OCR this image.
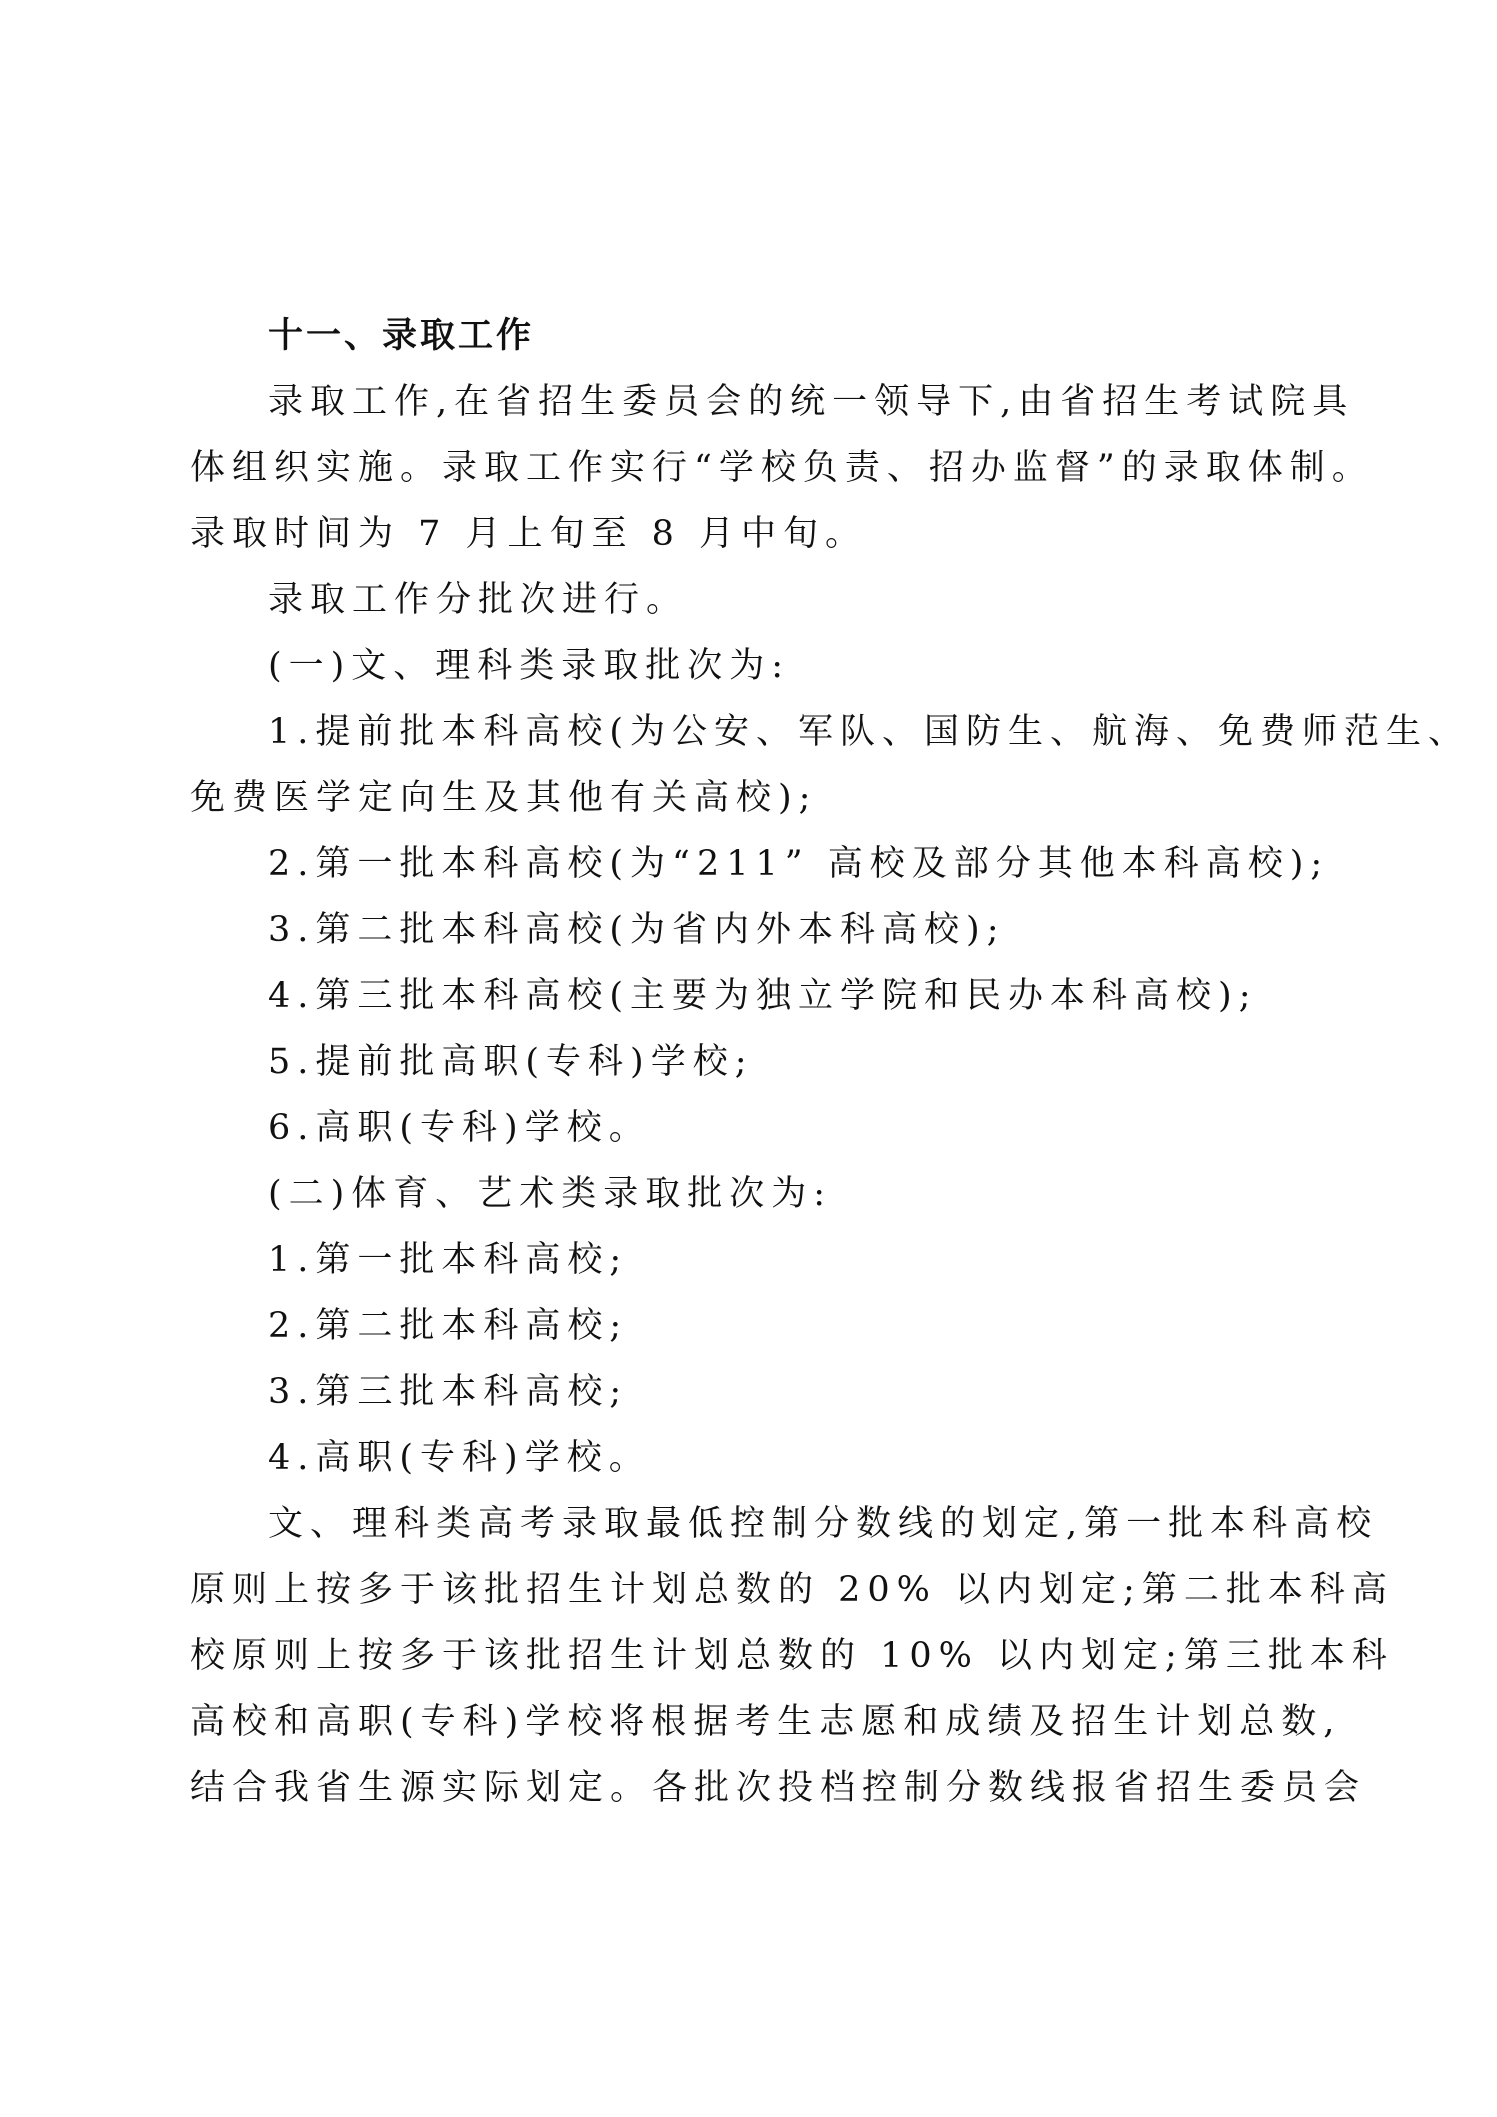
十一、录取工作
录取工作,在省招生委员会的统一领导下,由省招生考试院具
体组织实施。录取工作实行“学校负责、招办监督”的录取体制。
录取时间为 7 月上旬至 8 月中旬。
录取工作分批次进行。
(一)文、理科类录取批次为:
1.提前批本科高校(为公安、军队、国防生、航海、免费师范生、
免费医学定向生及其他有关高校);
2.第一批本科高校(为“211” 高校及部分其他本科高校);
3.第二批本科高校(为省内外本科高校);
4.第三批本科高校(主要为独立学院和民办本科高校);
5.提前批高职(专科)学校;
6.高职(专科)学校。
(二)体育、艺术类录取批次为:
1.第一批本科高校;
2.第二批本科高校;
3.第三批本科高校;
4.高职(专科)学校。
文、理科类高考录取最低控制分数线的划定,第一批本科高校
原则上按多于该批招生计划总数的 20% 以内划定;第二批本科高
校原则上按多于该批招生计划总数的 10% 以内划定;第三批本科
高校和高职(专科)学校将根据考生志愿和成绩及招生计划总数,
结合我省生源实际划定。各批次投档控制分数线报省招生委员会
